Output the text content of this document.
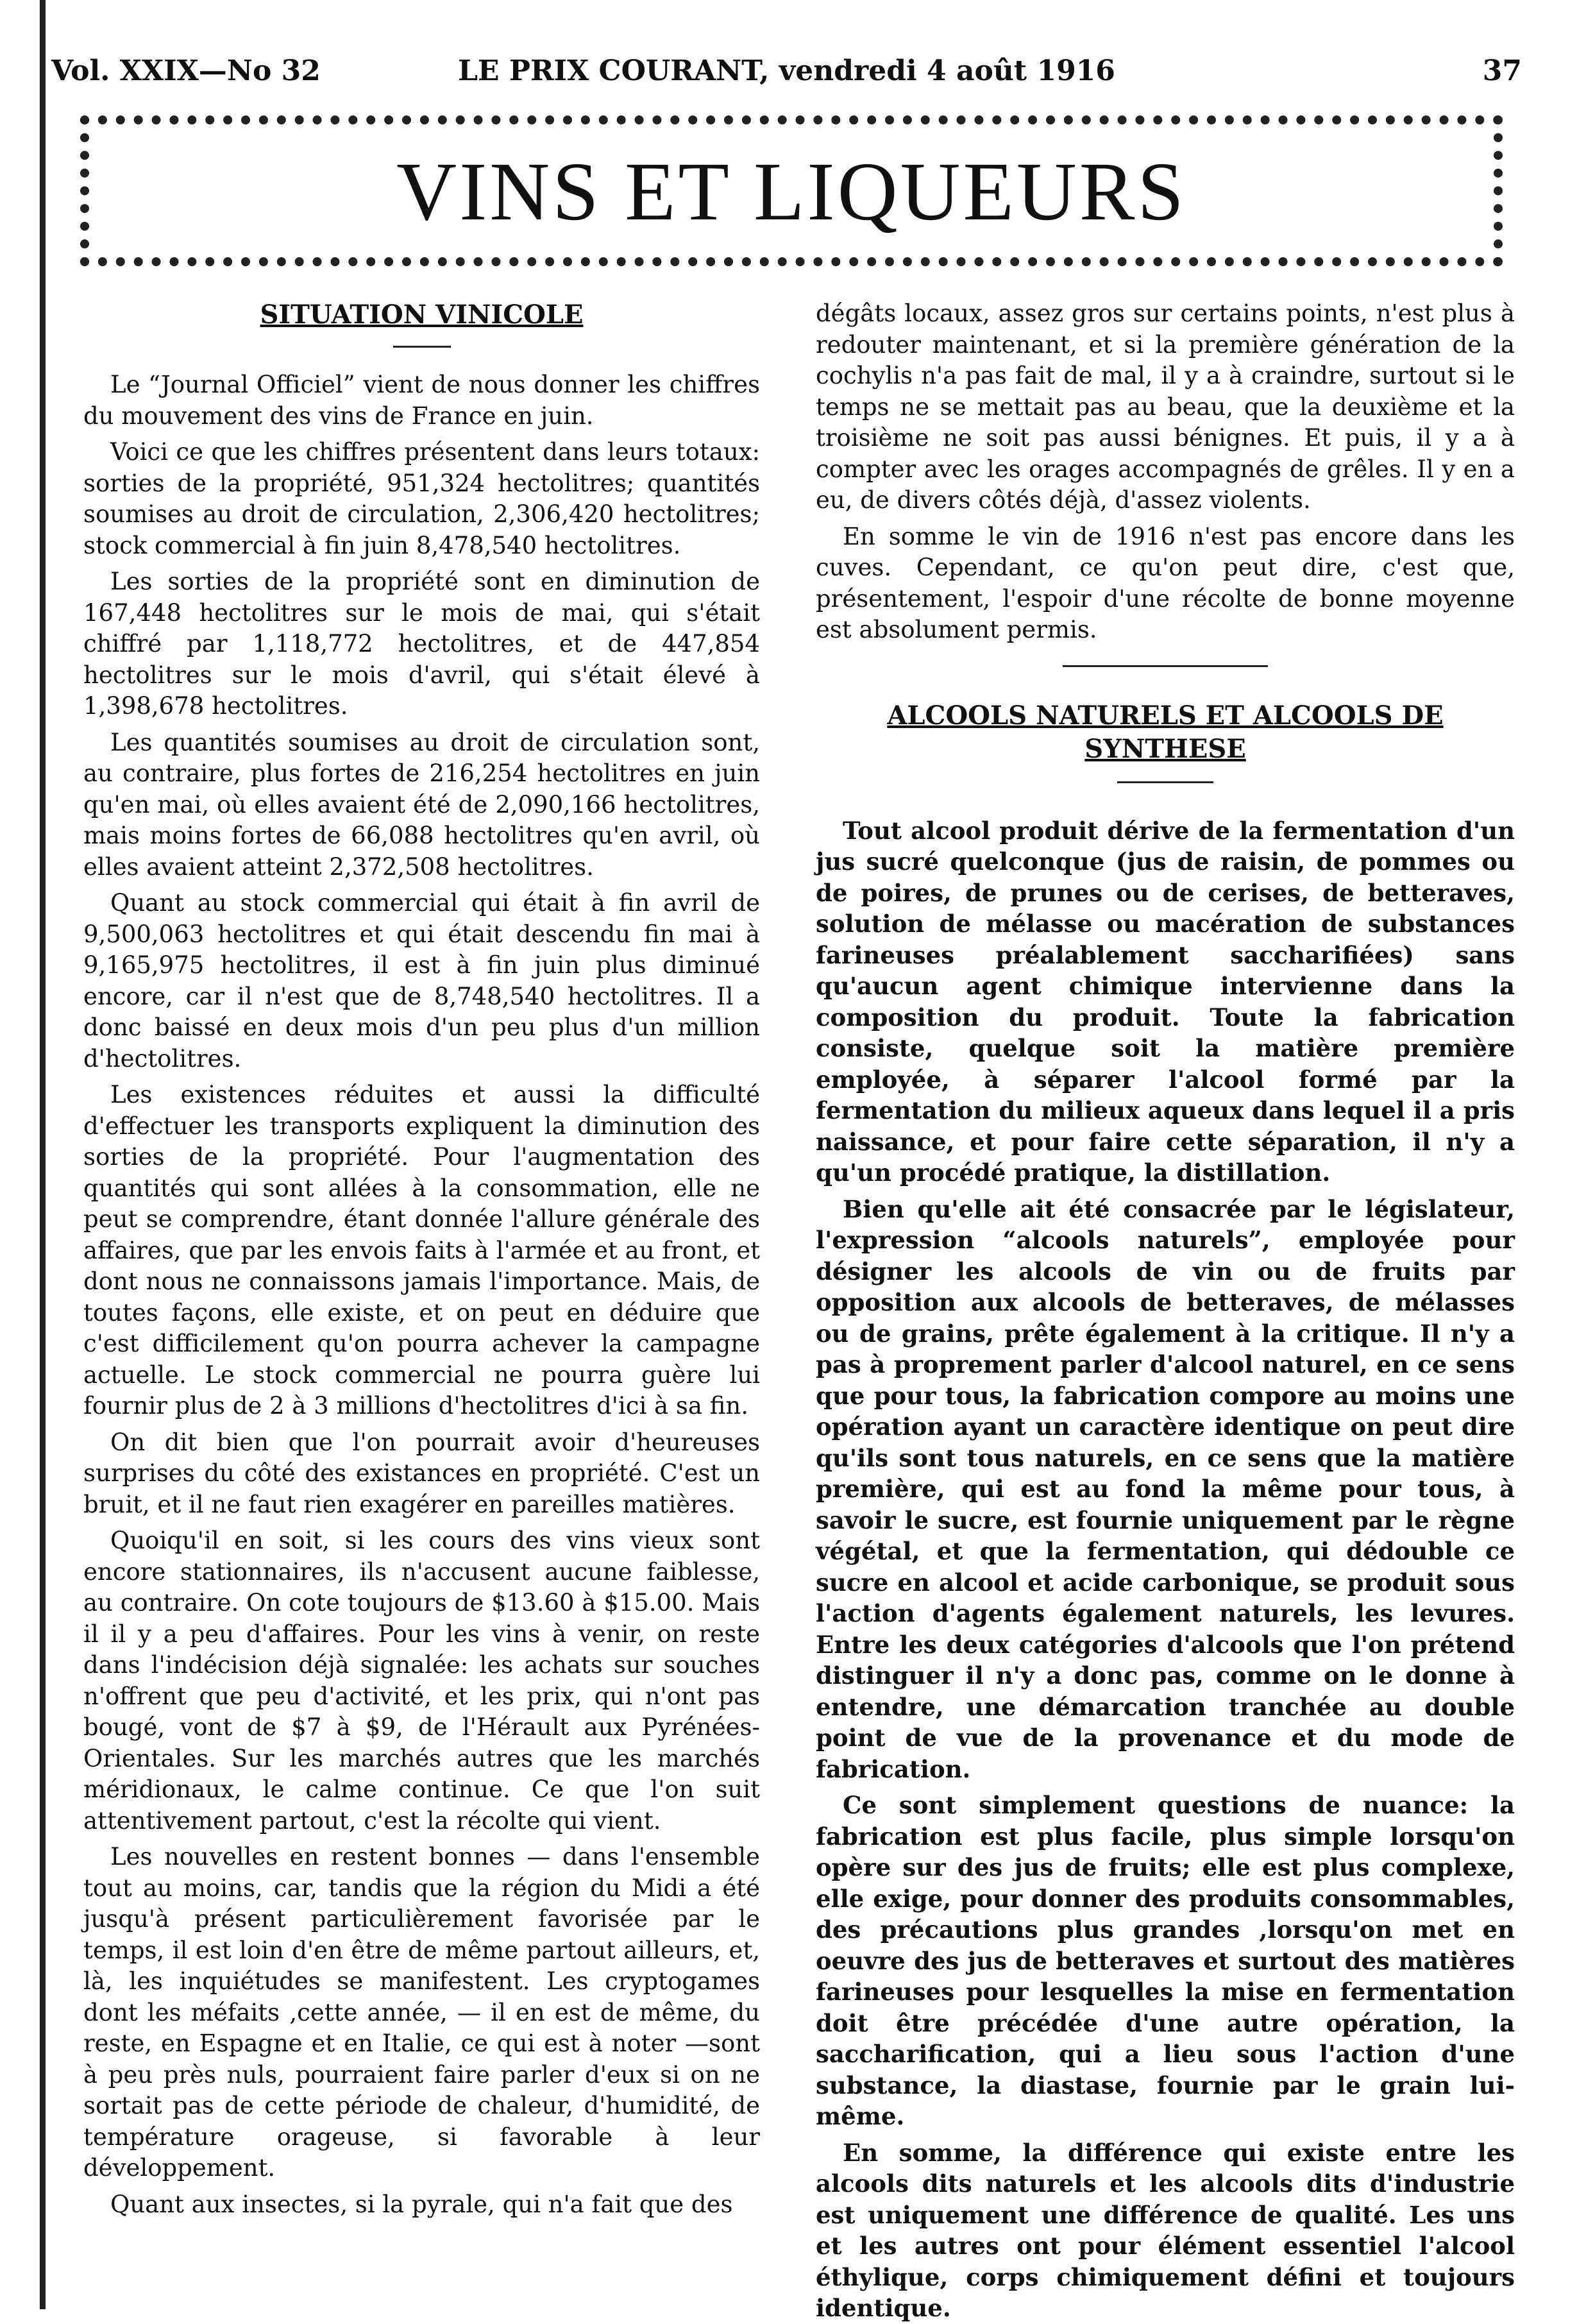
Vol. XXIX—No 32	LE PRIX COURANT, vendredi 4 août 1916	37
VINS ET LIQUEURS
SITUATION VINICOLE

Le “Journal Officiel” vient de nous donner les chiffres du mouvement des vins de France en juin.

Voici ce que les chiffres présentent dans leurs totaux: sorties de la propriété, 951,324 hectolitres; quantités soumises au droit de circulation, 2,306,420 hectolitres; stock commercial à fin juin 8,478,540 hectolitres.

Les sorties de la propriété sont en diminution de 167,448 hectolitres sur le mois de mai, qui s'était chiffré par 1,118,772 hectolitres, et de 447,854 hectolitres sur le mois d'avril, qui s'était élevé à 1,398,678 hectolitres.

Les quantités soumises au droit de circulation sont, au contraire, plus fortes de 216,254 hectolitres en juin qu'en mai, où elles avaient été de 2,090,166 hectolitres, mais moins fortes de 66,088 hectolitres qu'en avril, où elles avaient atteint 2,372,508 hectolitres.

Quant au stock commercial qui était à fin avril de 9,500,063 hectolitres et qui était descendu fin mai à 9,165,975 hectolitres, il est à fin juin plus diminué encore, car il n'est que de 8,748,540 hectolitres. Il a donc baissé en deux mois d'un peu plus d'un million d'hectolitres.

Les existences réduites et aussi la difficulté d'effectuer les transports expliquent la diminution des sorties de la propriété. Pour l'augmentation des quantités qui sont allées à la consommation, elle ne peut se comprendre, étant donnée l'allure générale des affaires, que par les envois faits à l'armée et au front, et dont nous ne connaissons jamais l'importance. Mais, de toutes façons, elle existe, et on peut en déduire que c'est difficilement qu'on pourra achever la campagne actuelle. Le stock commercial ne pourra guère lui fournir plus de 2 à 3 millions d'hectolitres d'ici à sa fin.

On dit bien que l'on pourrait avoir d'heureuses surprises du côté des existances en propriété. C'est un bruit, et il ne faut rien exagérer en pareilles matières.

Quoiqu'il en soit, si les cours des vins vieux sont encore stationnaires, ils n'accusent aucune faiblesse, au contraire. On cote toujours de $13.60 à $15.00. Mais il il y a peu d'affaires. Pour les vins à venir, on reste dans l'indécision déjà signalée: les achats sur souches n'offrent que peu d'activité, et les prix, qui n'ont pas bougé, vont de $7 à $9, de l'Hérault aux Pyrénées-Orientales. Sur les marchés autres que les marchés méridionaux, le calme continue. Ce que l'on suit attentivement partout, c'est la récolte qui vient.

Les nouvelles en restent bonnes — dans l'ensemble tout au moins, car, tandis que la région du Midi a été jusqu'à présent particulièrement favorisée par le temps, il est loin d'en être de même partout ailleurs, et, là, les inquiétudes se manifestent. Les cryptogames dont les méfaits ,cette année, — il en est de même, du reste, en Espagne et en Italie, ce qui est à noter —sont à peu près nuls, pourraient faire parler d'eux si on ne sortait pas de cette période de chaleur, d'humidité, de température orageuse, si favorable à leur développement.

Quant aux insectes, si la pyrale, qui n'a fait que des

dégâts locaux, assez gros sur certains points, n'est plus à redouter maintenant, et si la première génération de la cochylis n'a pas fait de mal, il y a à craindre, surtout si le temps ne se mettait pas au beau, que la deuxième et la troisième ne soit pas aussi bénignes. Et puis, il y a à compter avec les orages accompagnés de grêles. Il y en a eu, de divers côtés déjà, d'assez violents.

En somme le vin de 1916 n'est pas encore dans les cuves. Cependant, ce qu'on peut dire, c'est que, présentement, l'espoir d'une récolte de bonne moyenne est absolument permis.

ALCOOLS NATURELS ET ALCOOLS DE SYNTHESE

Tout alcool produit dérive de la fermentation d'un jus sucré quelconque (jus de raisin, de pommes ou de poires, de prunes ou de cerises, de betteraves, solution de mélasse ou macération de substances farineuses préalablement saccharifiées) sans qu'aucun agent chimique intervienne dans la composition du produit. Toute la fabrication consiste, quelque soit la matière première employée, à séparer l'alcool formé par la fermentation du milieux aqueux dans lequel il a pris naissance, et pour faire cette séparation, il n'y a qu'un procédé pratique, la distillation.

Bien qu'elle ait été consacrée par le législateur, l'expression “alcools naturels”, employée pour désigner les alcools de vin ou de fruits par opposition aux alcools de betteraves, de mélasses ou de grains, prête également à la critique. Il n'y a pas à proprement parler d'alcool naturel, en ce sens que pour tous, la fabrication compore au moins une opération ayant un caractère identique on peut dire qu'ils sont tous naturels, en ce sens que la matière première, qui est au fond la même pour tous, à savoir le sucre, est fournie uniquement par le règne végétal, et que la fermentation, qui dédouble ce sucre en alcool et acide carbonique, se produit sous l'action d'agents également naturels, les levures. Entre les deux catégories d'alcools que l'on prétend distinguer il n'y a donc pas, comme on le donne à entendre, une démarcation tranchée au double point de vue de la provenance et du mode de fabrication.

Ce sont simplement questions de nuance: la fabrication est plus facile, plus simple lorsqu'on opère sur des jus de fruits; elle est plus complexe, elle exige, pour donner des produits consommables, des précautions plus grandes ,lorsqu'on met en oeuvre des jus de betteraves et surtout des matières farineuses pour lesquelles la mise en fermentation doit être précédée d'une autre opération, la saccharification, qui a lieu sous l'action d'une substance, la diastase, fournie par le grain lui-même.

En somme, la différence qui existe entre les alcools dits naturels et les alcools dits d'industrie est uniquement une différence de qualité. Les uns et les autres ont pour élément essentiel l'alcool éthylique, corps chimiquement défini et toujours identique.
